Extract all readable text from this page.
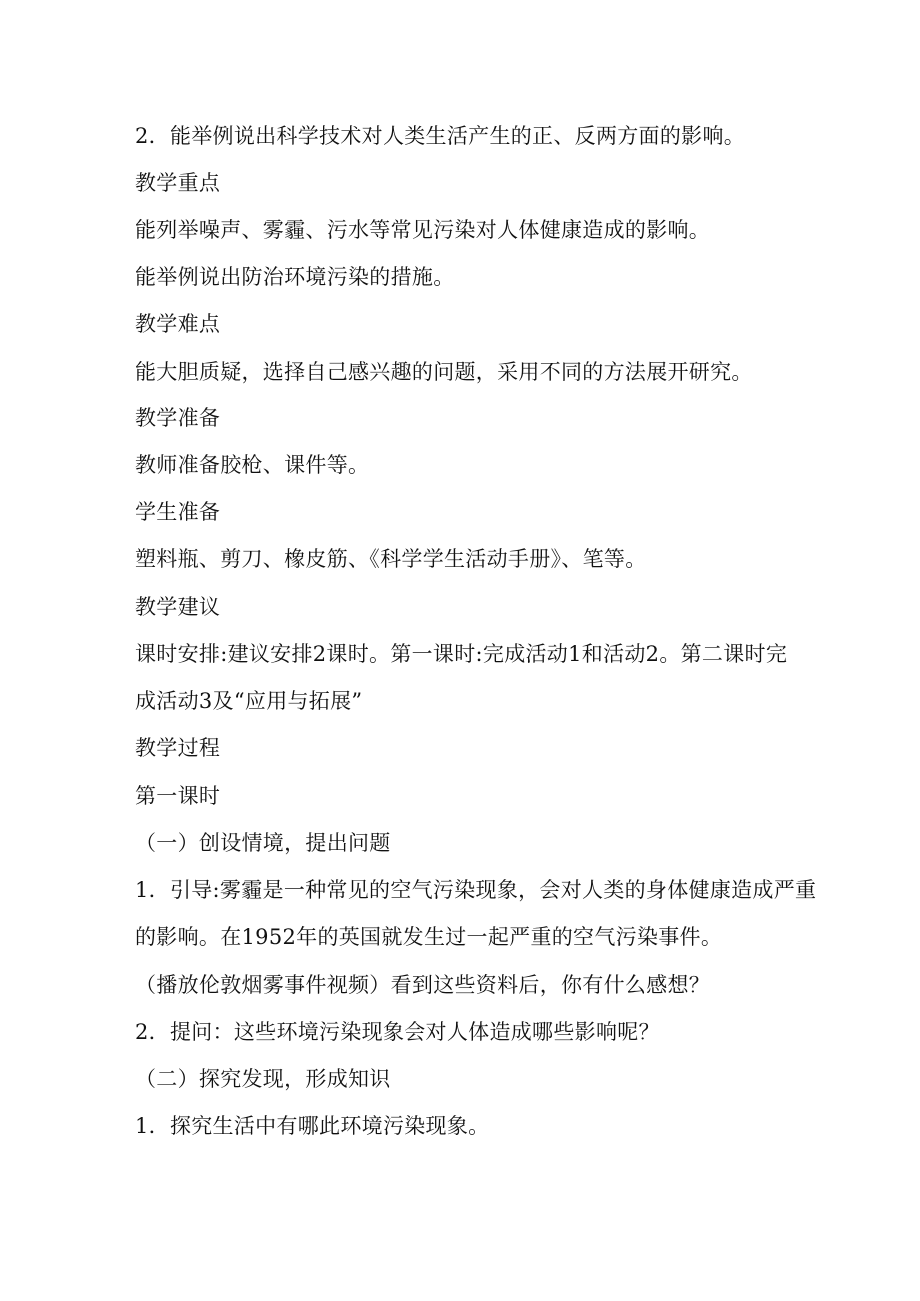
2．能举例说出科学技术对人类生活产生的正、反两方面的影响。
教学重点
能列举噪声、雾霾、污水等常见污染对人体健康造成的影响。
能举例说出防治环境污染的措施。
教学难点
能大胆质疑，选择自己感兴趣的问题，采用不同的方法展开研究。
教学准备
教师准备胶枪、课件等。
学生准备
塑料瓶、剪刀、橡皮筋、《科学学生活动手册》、笔等。
教学建议
课时安排:建议安排2课时。第一课时:完成活动1和活动2。第二课时完
成活动3及“应用与拓展”
教学过程
第一课时
（一）创设情境，提出问题
1．引导:雾霾是一种常见的空气污染现象，会对人类的身体健康造成严重
的影响。在1952年的英国就发生过一起严重的空气污染事件。
（播放伦敦烟雾事件视频）看到这些资料后，你有什么感想？
2．提问：这些环境污染现象会对人体造成哪些影响呢？
（二）探究发现，形成知识
1．探究生活中有哪此环境污染现象。
